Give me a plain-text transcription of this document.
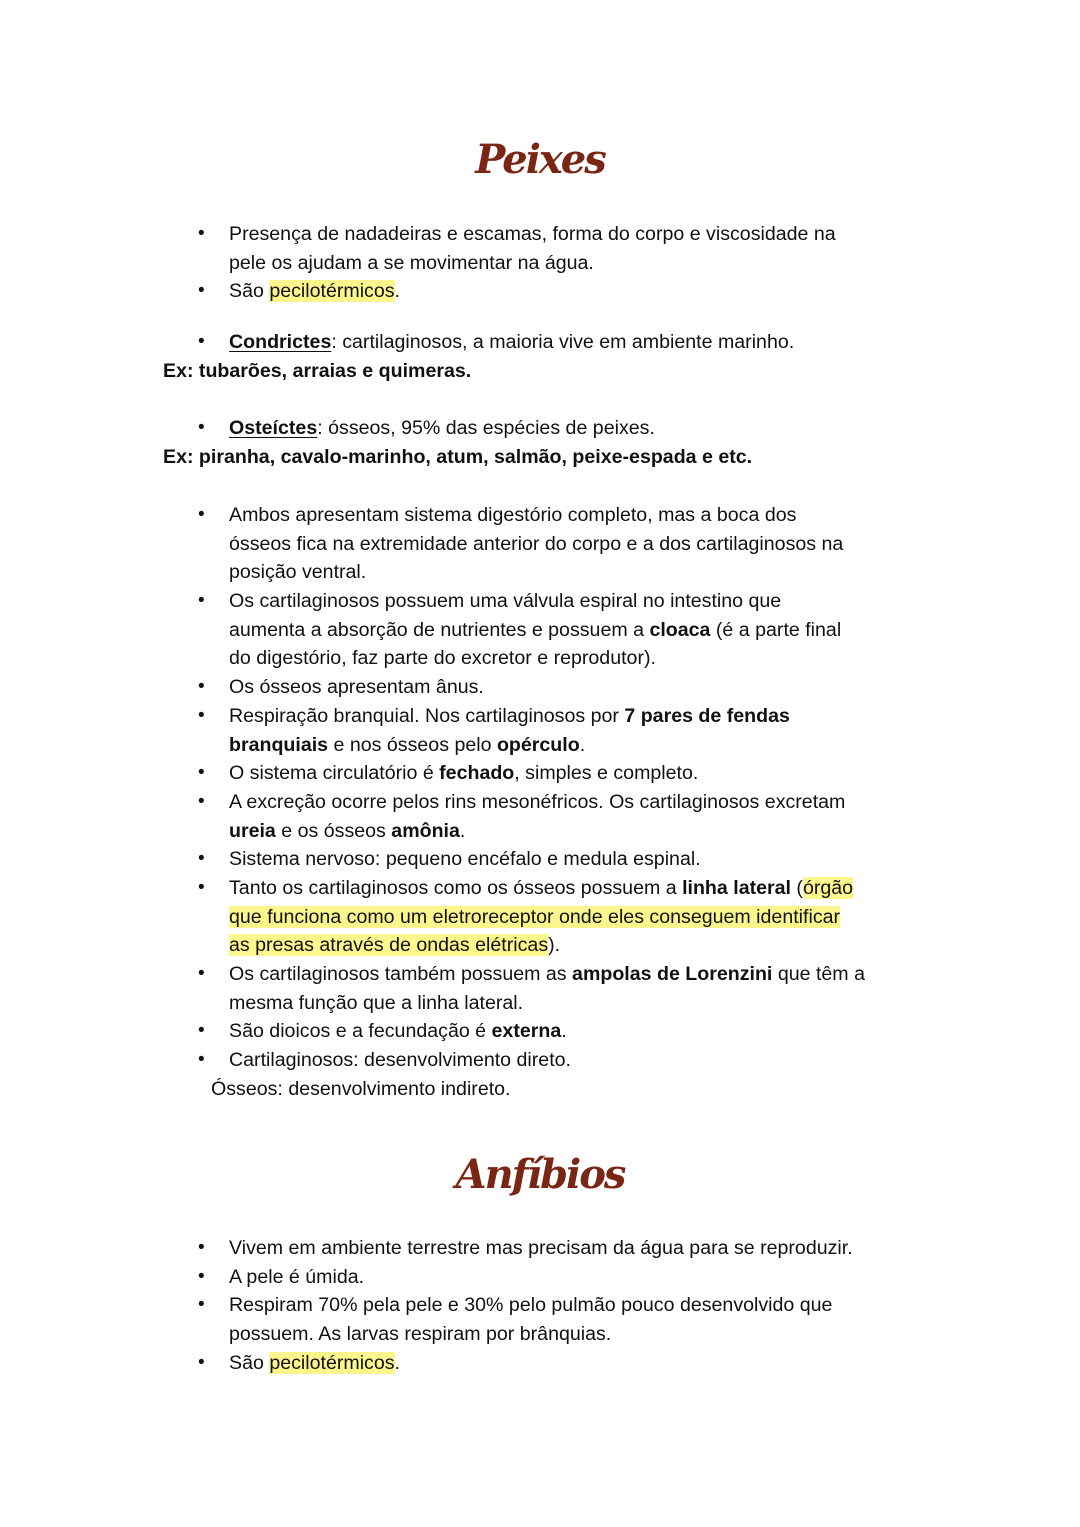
Peixes
• Presença de nadadeiras e escamas, forma do corpo e viscosidade na
pele os ajudam a se movimentar na água.
• São pecilotérmicos.
• Condrictes: cartilaginosos, a maioria vive em ambiente marinho.
Ex: tubarões, arraias e quimeras.
• Osteíctes: ósseos, 95% das espécies de peixes.
Ex: piranha, cavalo-marinho, atum, salmão, peixe-espada e etc.
• Ambos apresentam sistema digestório completo, mas a boca dos
ósseos fica na extremidade anterior do corpo e a dos cartilaginosos na
posição ventral.
• Os cartilaginosos possuem uma válvula espiral no intestino que
aumenta a absorção de nutrientes e possuem a cloaca (é a parte final
do digestório, faz parte do excretor e reprodutor).
• Os ósseos apresentam ânus.
• Respiração branquial. Nos cartilaginosos por 7 pares de fendas
branquiais e nos ósseos pelo opérculo.
• O sistema circulatório é fechado, simples e completo.
• A excreção ocorre pelos rins mesonéfricos. Os cartilaginosos excretam
ureia e os ósseos amônia.
• Sistema nervoso: pequeno encéfalo e medula espinal.
• Tanto os cartilaginosos como os ósseos possuem a linha lateral (órgão
que funciona como um eletroreceptor onde eles conseguem identificar
as presas através de ondas elétricas).
• Os cartilaginosos também possuem as ampolas de Lorenzini que têm a
mesma função que a linha lateral.
• São dioicos e a fecundação é externa.
• Cartilaginosos: desenvolvimento direto.
Ósseos: desenvolvimento indireto.
Anfíbios
• Vivem em ambiente terrestre mas precisam da água para se reproduzir.
• A pele é úmida.
• Respiram 70% pela pele e 30% pelo pulmão pouco desenvolvido que
possuem. As larvas respiram por brânquias.
• São pecilotérmicos.
